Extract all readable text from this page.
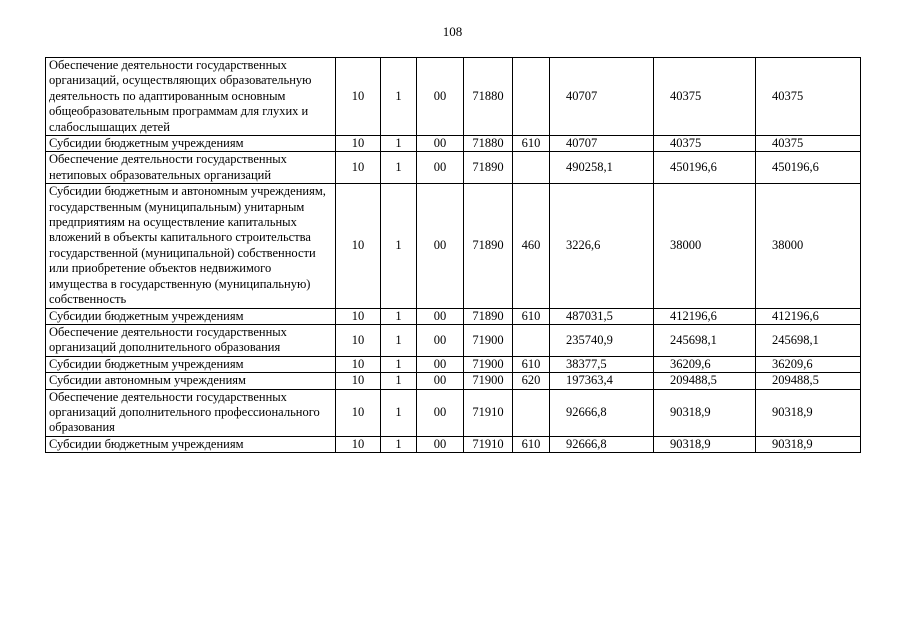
108
Обеспечение деятельности государственных организаций, осуществляющих образовательную деятельность по адаптированным основным общеобразовательным программам для глухих и слабослышащих детей	10	1	00	71880		40707	40375	40375
Субсидии бюджетным учреждениям	10	1	00	71880	610	40707	40375	40375
Обеспечение деятельности государственных нетиповых образовательных организаций	10	1	00	71890		490258,1	450196,6	450196,6
Субсидии бюджетным и автономным учреждениям, государственным (муниципальным) унитарным предприятиям на осуществление капитальных вложений в объекты капитального строительства государственной (муниципальной) собственности или приобретение объектов недвижимого имущества в государственную (муниципальную) собственность	10	1	00	71890	460	3226,6	38000	38000
Субсидии бюджетным учреждениям	10	1	00	71890	610	487031,5	412196,6	412196,6
Обеспечение деятельности государственных организаций дополнительного образования	10	1	00	71900		235740,9	245698,1	245698,1
Субсидии бюджетным учреждениям	10	1	00	71900	610	38377,5	36209,6	36209,6
Субсидии автономным учреждениям	10	1	00	71900	620	197363,4	209488,5	209488,5
Обеспечение деятельности государственных организаций дополнительного профессионального образования	10	1	00	71910		92666,8	90318,9	90318,9
Субсидии бюджетным учреждениям	10	1	00	71910	610	92666,8	90318,9	90318,9
